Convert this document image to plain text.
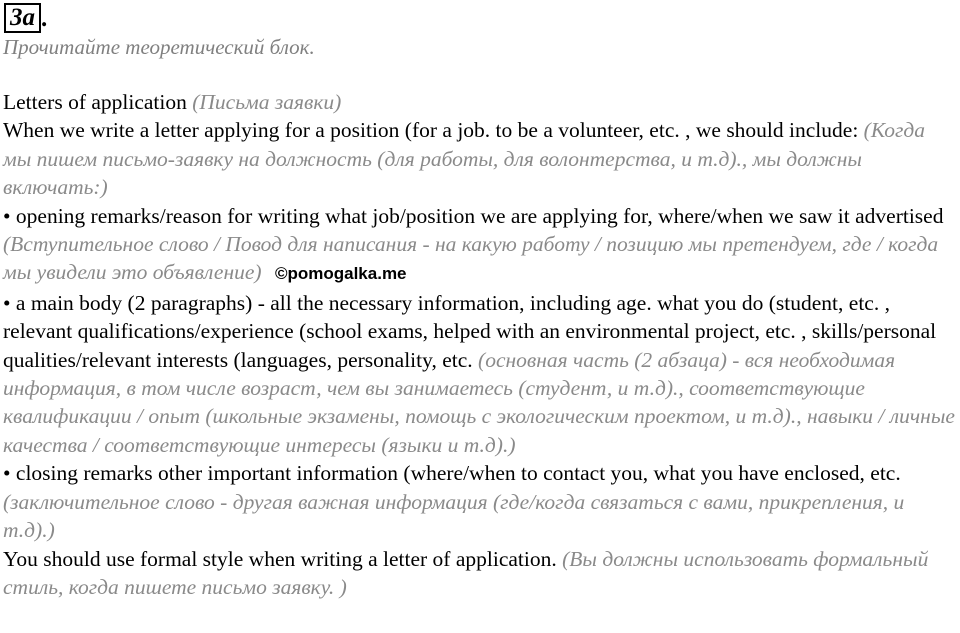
3a .

Прочитайте теоретический блок.

Letters of application (Письма заявки)

When we write a letter applying for a position (for a job. to be a volunteer, etc. , we should include: (Когда мы пишем письмо-заявку на должность (для работы, для волонтерства, и т.д)., мы должны включать:)

• opening remarks/reason for writing what job/position we are applying for, where/when we saw it advertised (Вступительное слово / Повод для написания - на какую работу / позицию мы претендуем, где / когда мы увидели это объявление) ©pomogalka.me

• a main body (2 paragraphs) - all the necessary information, including age. what you do (student, etc. , relevant qualifications/experience (school exams, helped with an environmental project, etc. , skills/personal qualities/relevant interests (languages, personality, etc. (основная часть (2 абзаца) - вся необходимая информация, в том числе возраст, чем вы занимаетесь (студент, и т.д)., соответствующие квалификации / опыт (школьные экзамены, помощь с экологическим проектом, и т.д)., навыки / личные качества / соответствующие интересы (языки и т.д).)

• closing remarks other important information (where/when to contact you, what you have enclosed, etc. (заключительное слово - другая важная информация (где/когда связаться с вами, прикрепления, и т.д).)

You should use formal style when writing a letter of application. (Вы должны использовать формальный стиль, когда пишете письмо заявку. )
